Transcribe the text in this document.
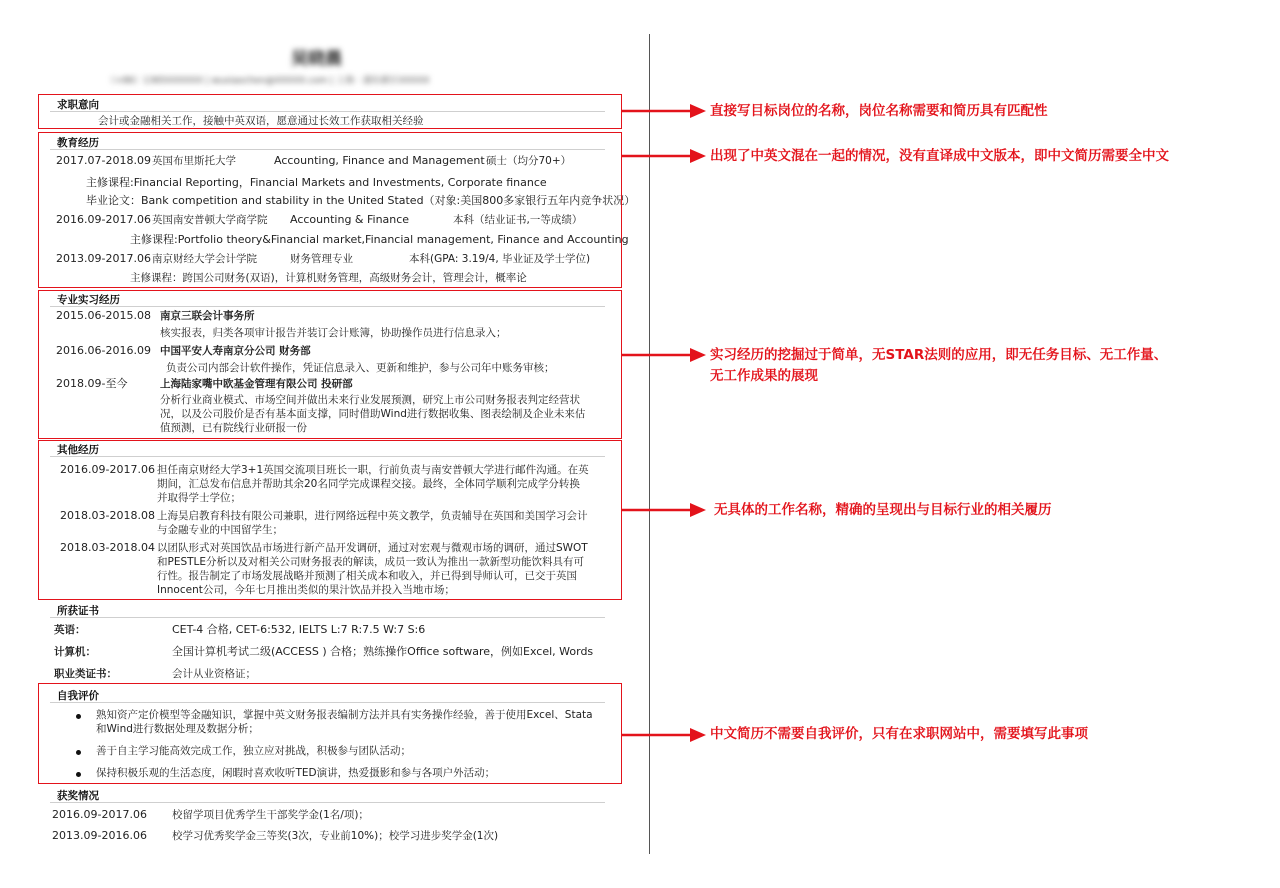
吴晓晨
（+86）1365XXXXXX | wuxiaochen@XXXXX.com | 上海 · 浦东新区XXXXX
求职意向
会计或金融相关工作，接触中英双语，愿意通过长效工作获取相关经验
教育经历
2017.07-2018.09 英国布里斯托大学	Accounting, Finance and Management 硕士（均分70+）
主修课程:Financial Reporting，Financial Markets and Investments, Corporate finance
毕业论文：Bank competition and stability in the United Stated（对象:美国800多家银行五年内竞争状况）
2016.09-2017.06 英国南安普顿大学商学院 Accounting & Finance	本科（结业证书,一等成绩）
主修课程:Portfolio theory&Financial market,Financial management, Finance and Accounting
2013.09-2017.06 南京财经大学会计学院	财务管理专业	本科(GPA: 3.19/4, 毕业证及学士学位)
主修课程：跨国公司财务(双语)，计算机财务管理，高级财务会计，管理会计，概率论
专业实习经历
2015.06-2015.08 南京三联会计事务所
核实报表，归类各项审计报告并装订会计账簿，协助操作员进行信息录入；
2016.06-2016.09 中国平安人寿南京分公司 财务部
负责公司内部会计软件操作，凭证信息录入、更新和维护，参与公司年中账务审核；
2018.09-至今	上海陆家嘴中欧基金管理有限公司 投研部
分析行业商业模式、市场空间并做出未来行业发展预测，研究上市公司财务报表判定经营状况，以及公司股价是否有基本面支撑，同时借助Wind进行数据收集、图表绘制及企业未来估值预测，已有院线行业研报一份
其他经历
2016.09-2017.06 担任南京财经大学3+1英国交流项目班长一职，行前负责与南安普顿大学进行邮件沟通。在英期间，汇总发布信息并帮助其余20名同学完成课程交接。最终，全体同学顺利完成学分转换并取得学士学位；
2018.03-2018.08 上海昊启教育科技有限公司兼职，进行网络远程中英文教学，负责辅导在英国和美国学习会计与金融专业的中国留学生；
2018.03-2018.04 以团队形式对英国饮品市场进行新产品开发调研，通过对宏观与微观市场的调研，通过SWOT和PESTLE分析以及对相关公司财务报表的解读，成员一致认为推出一款新型功能饮料具有可行性。报告制定了市场发展战略并预测了相关成本和收入，并已得到导师认可，已交于英国Innocent公司，今年七月推出类似的果汁饮品并投入当地市场；
所获证书
英语：	CET-4 合格, CET-6:532, IELTS L:7 R:7.5 W:7 S:6
计算机：	全国计算机考试二级(ACCESS ) 合格；熟练操作Office software，例如Excel, Words
职业类证书：	会计从业资格证；
自我评价
熟知资产定价模型等金融知识，掌握中英文财务报表编制方法并具有实务操作经验，善于使用Excel、Stata和Wind进行数据处理及数据分析；
善于自主学习能高效完成工作，独立应对挑战，积极参与团队活动；
保持积极乐观的生活态度，闲暇时喜欢收听TED演讲，热爱摄影和参与各项户外活动；
获奖情况
2016.09-2017.06 校留学项目优秀学生干部奖学金(1名/项)；
2013.09-2016.06 校学习优秀奖学金三等奖(3次，专业前10%)；校学习进步奖学金(1次)
直接写目标岗位的名称，岗位名称需要和简历具有匹配性
出现了中英文混在一起的情况，没有直译成中文版本，即中文简历需要全中文
实习经历的挖掘过于简单，无STAR法则的应用，即无任务目标、无工作量、
无工作成果的展现
无具体的工作名称，精确的呈现出与目标行业的相关履历
中文简历不需要自我评价，只有在求职网站中，需要填写此事项
